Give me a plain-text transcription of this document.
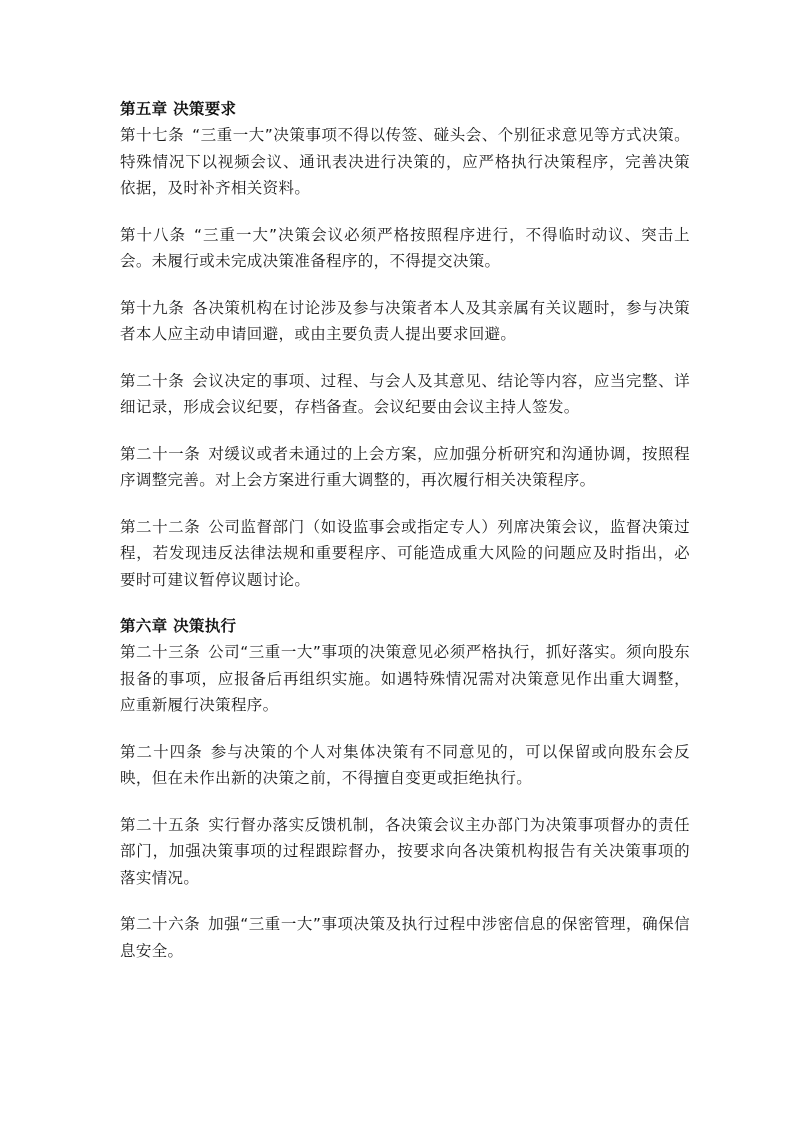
第五章 决策要求

第十七条 “三重一大”决策事项不得以传签、碰头会、个别征求意见等方式决策。特殊情况下以视频会议、通讯表决进行决策的，应严格执行决策程序，完善决策依据，及时补齐相关资料。

第十八条 “三重一大”决策会议必须严格按照程序进行，不得临时动议、突击上会。未履行或未完成决策准备程序的，不得提交决策。

第十九条 各决策机构在讨论涉及参与决策者本人及其亲属有关议题时，参与决策者本人应主动申请回避，或由主要负责人提出要求回避。

第二十条 会议决定的事项、过程、与会人及其意见、结论等内容，应当完整、详细记录，形成会议纪要，存档备查。会议纪要由会议主持人签发。

第二十一条 对缓议或者未通过的上会方案，应加强分析研究和沟通协调，按照程序调整完善。对上会方案进行重大调整的，再次履行相关决策程序。

第二十二条 公司监督部门（如设监事会或指定专人）列席决策会议，监督决策过程，若发现违反法律法规和重要程序、可能造成重大风险的问题应及时指出，必要时可建议暂停议题讨论。

第六章 决策执行

第二十三条 公司“三重一大”事项的决策意见必须严格执行，抓好落实。须向股东报备的事项，应报备后再组织实施。如遇特殊情况需对决策意见作出重大调整，应重新履行决策程序。

第二十四条 参与决策的个人对集体决策有不同意见的，可以保留或向股东会反映，但在未作出新的决策之前，不得擅自变更或拒绝执行。

第二十五条 实行督办落实反馈机制，各决策会议主办部门为决策事项督办的责任部门，加强决策事项的过程跟踪督办，按要求向各决策机构报告有关决策事项的落实情况。

第二十六条 加强“三重一大”事项决策及执行过程中涉密信息的保密管理，确保信息安全。
